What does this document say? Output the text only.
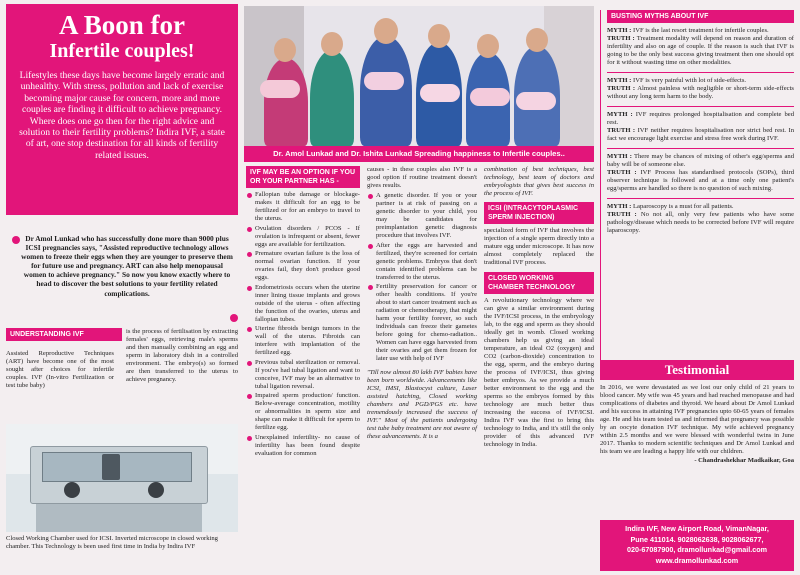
A Boon for
Infertile couples!
Lifestyles these days have become largely erratic and unhealthy. With stress, pollution and lack of exercise becoming major cause for concern, more and more couples are finding it difficult to achieve pregnancy. Where does one go then for the right advice and solution to their fertility problems? Indira IVF, a state of art, one stop destination for all kinds of fertility related issues.
Dr Amol Lunkad who has successfully done more than 9000 plus ICSI pregnancies says, "Assisted reproductive technology allows women to freeze their eggs when they are younger to preserve them for future use and pregnancy. ART can also help menopausal women to achieve pregnancy." So now you know exactly where to head to discover the best solutions to your fertility related complications.
UNDERSTANDING IVF
Assisted Reproductive Techniques (ART) have become one of the most sought after choices for infertile couples. IVF (In-vitro Fertilization or test tube baby)
is the process of fertilisation by extracting females' eggs, retrieving male's sperms and then manually combining an egg and sperm in laboratory dish in a controlled environment. The embryo(s) so formed are then transferred to the uterus to achieve pregnancy.
Closed Working Chamber used for ICSI. Inverted microscope in closed working chamber. This Technology is been used first time in India by Indira IVF
Dr. Amol Lunkad and Dr. Ishita Lunkad Spreading happiness to Infertile couples..
IVF MAY BE AN OPTION IF YOU OR YOUR PARTNER HAS -
Fallopian tube damage or blockage- makes it difficult for an egg to be fertilized or for an embryo to travel to the uterus.
Ovulation disorders / PCOS - If ovulation is infrequent or absent, fewer eggs are available for fertilization.
Premature ovarian failure is the loss of normal ovarian function. If your ovaries fail, they don't produce good eggs.
Endometriosis occurs when the uterine inner lining tissue implants and grows outside of the uterus - often affecting the function of the ovaries, uterus and fallopian tubes.
Uterine fibroids benign tumors in the wall of the uterus. Fibroids can interfere with implantation of the fertilized egg.
Previous tubal sterilization or removal. If you've had tubal ligation and want to conceive, IVF may be an alternative to tubal ligation reversal.
Impaired sperm production/ function. Below-average concentration, motility or abnormalities in sperm size and shape can make it difficult for sperm to fertilize egg.
Unexplained infertility- no cause of infertility has been found despite evaluation for common
causes - in these couples also IVF is a good option if routine treatment doesn't gives results.
A genetic disorder. If you or your partner is at risk of passing on a genetic disorder to your child, you may be candidates for preimplantation genetic diagnosis procedure that involves IVF.
After the eggs are harvested and fertilized, they're screened for certain genetic problems. Embryos that don't contain identified problems can be transferred to the uterus.
Fertility preservation for cancer or other health conditions. If you're about to start cancer treatment such as radiation or chemotherapy, that might harm your fertility forever, so such individuals can freeze their gametes before going for chemo-radiation.. Women can have eggs harvested from their ovaries and get them frozen for later use with help of IVF
"Till now almost 80 lakh IVF babies have been born worldwide. Advancements like ICSI, IMSI, Blastocyst culture, Laser assisted hatching, Closed working chambers and PGD/PGS etc. have tremendously increased the success of IVF." Most of the patients undergoing test tube baby treatment are not aware of these advancements. It is a
combination of best techniques, best technology, best team of doctors and embryologists that gives best success in the process of IVF.
ICSI (INTRACYTOPLASMIC SPERM INJECTION)
specialized form of IVF that involves the injection of a single sperm directly into a mature egg under microscope. It has now almost completely replaced the traditional IVF process.
CLOSED WORKING CHAMBER TECHNOLOGY
A revolutionary technology where we can give a similar environment during the IVF/ICSI process, in the embryology lab, to the egg and sperm as they should ideally get in womb. Closed working chambers help us giving an ideal temperature, an ideal O2 (oxygen) and CO2 (carbon-dioxide) concentration to the egg, sperm, and the embryo during the process of IVF/ICSI, thus giving better embryos. As we provide a much better environment to the egg and the sperms so the embryos formed by this technology are much better thus increasing the success of IVF/ICSI. Indira IVF was the first to bring this technology to India, and it's still the only provider of this advanced IVF technology in India.
BUSTING MYTHS ABOUT IVF
MYTH : IVF is the last resort treatment for infertile couples.
TRUTH : Treatment modality will depend on reason and duration of infertility and also on age of couple. If the reason is such that IVF is going to be the only best success giving treatment then one should opt for it without wasting time on other modalities.
MYTH : IVF is very painful with lot of side-effects.
TRUTH : Almost painless with negligible or short-term side-effects without any long term harm to the body.
MYTH : IVF requires prolonged hospitalisation and complete bed rest.
TRUTH : IVF neither requires hospitalisation nor strict bed rest. In fact we encourage light exercise and stress free work during IVF.
MYTH : There may be chances of mixing of other's egg/sperms and baby will be of someone else.
TRUTH : IVF Process has standardised protocols (SOPs), third observer technique is followed and at a time only one patient's egg/sperms are handled so there is no question of such mixing.
MYTH : Laparoscopy is a must for all patients.
TRUTH : No not all, only very few patients who have some pathology/disease which needs to be corrected before IVF will require laparoscopy.
Testimonial
In 2016, we were devastated as we lost our only child of 21 years to blood cancer. My wife was 45 years and had reached menopause and had complications of diabetes and thyroid. We heard about Dr Amol Lunkad and his success in attaining IVF pregnancies upto 60-65 years of females age. He and his team tested us and informed that pregnancy was possible by an oocyte donation IVF technique. My wife achieved pregnancy within 2.5 months and we were blessed with wonderful twins in June 2017. Thanks to modern scientific techniques and Dr Amol Lunkad and his team we are leading a happy life with our children.
- Chandrashekhar Madkaikar, Goa
Indira IVF, New Airport Road, VimanNagar,
Pune 411014. 9028062638, 9028062677,
020-67087900, dramollunkad@gmail.com
www.dramollunkad.com
